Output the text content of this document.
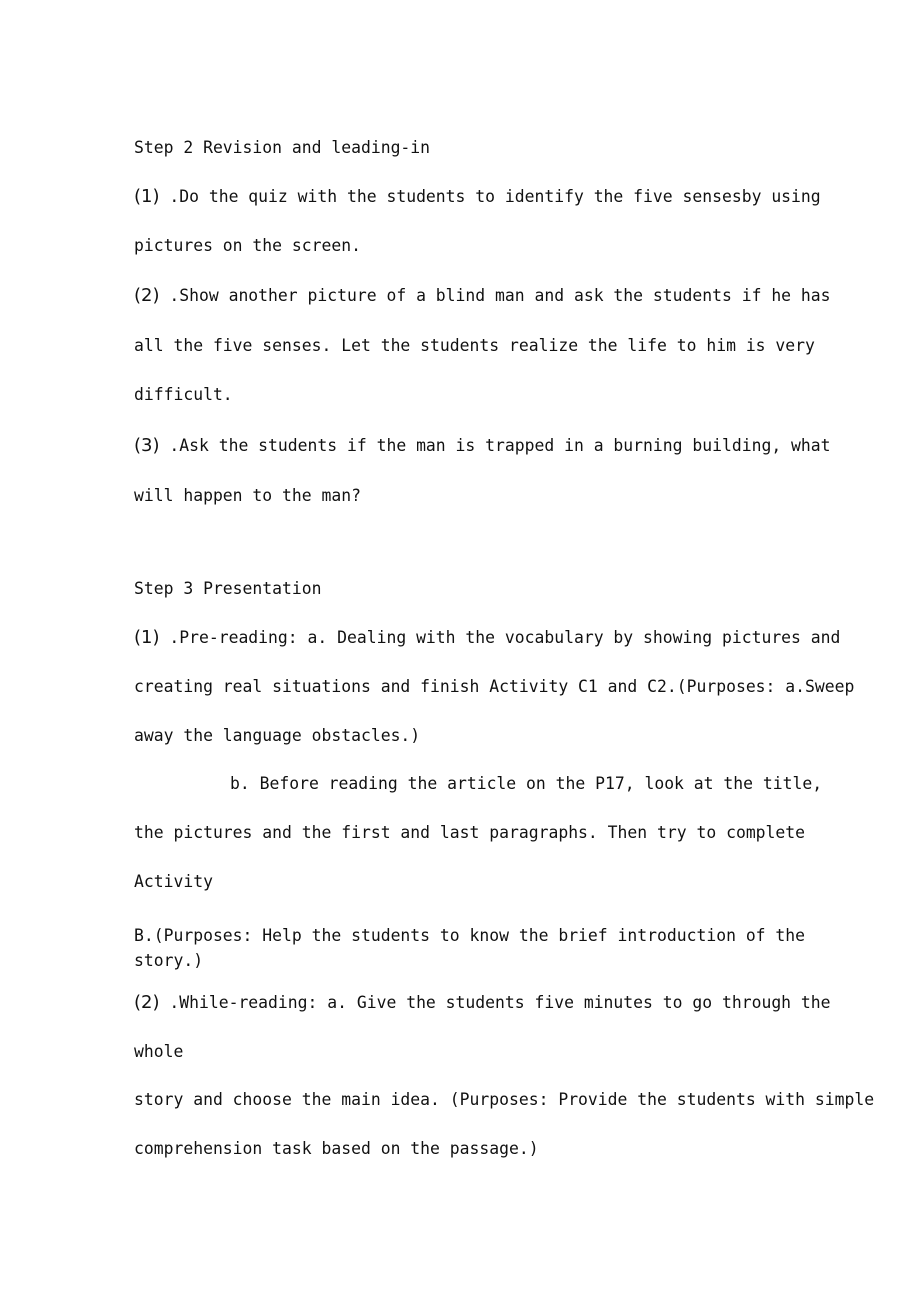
Step 2 Revision and leading-in
(1) .Do the quiz with the students to identify the five sensesby using
pictures on the screen.
(2) .Show another picture of a blind man and ask the students if he has
all the five senses. Let the students realize the life to him is very
difficult.
(3) .Ask the students if the man is trapped in a burning building, what
will happen to the man?
Step 3 Presentation
(1) .Pre-reading: a. Dealing with the vocabulary by showing pictures and
creating real situations and finish Activity C1 and C2.(Purposes: a.Sweep
away the language obstacles.)
b. Before reading the article on the P17, look at the title,
the pictures and the first and last paragraphs. Then try to complete
Activity
B.(Purposes: Help the students to know the brief introduction of the
story.)
(2) .While-reading: a. Give the students five minutes to go through the
whole
story and choose the main idea. (Purposes: Provide the students with simple
comprehension task based on the passage.)
